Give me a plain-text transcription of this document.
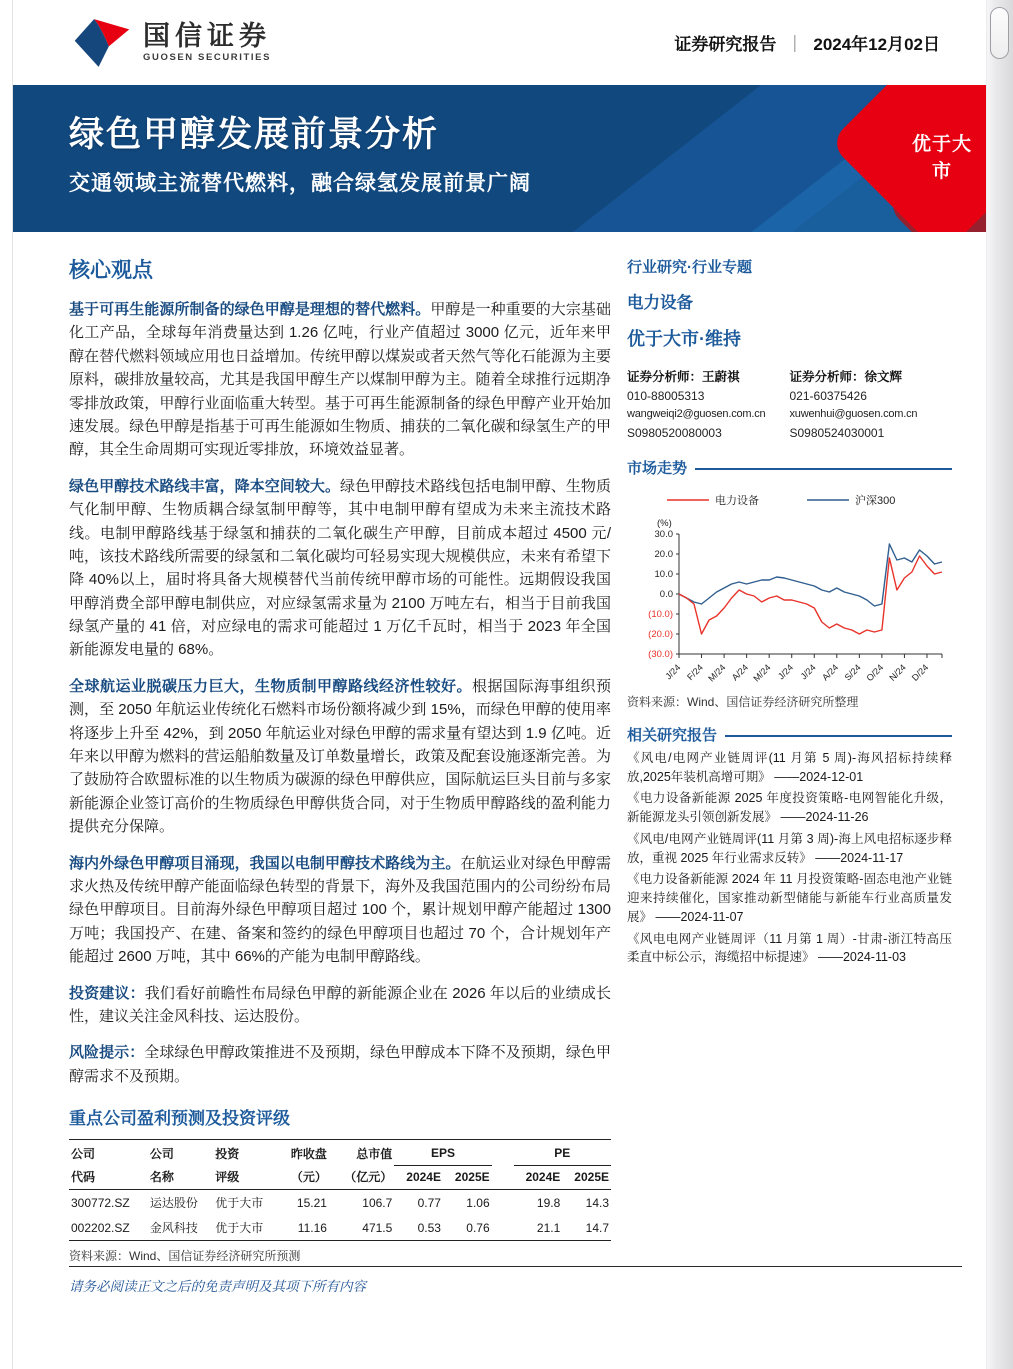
国信证券
GUOSEN SECURITIES
证券研究报告 ｜ 2024年12月02日
绿色甲醇发展前景分析
交通领域主流替代燃料，融合绿氢发展前景广阔
优于大市
核心观点

基于可再生能源所制备的绿色甲醇是理想的替代燃料。甲醇是一种重要的大宗基础化工产品，全球每年消费量达到 1.26 亿吨，行业产值超过 3000 亿元，近年来甲醇在替代燃料领域应用也日益增加。传统甲醇以煤炭或者天然气等化石能源为主要原料，碳排放量较高，尤其是我国甲醇生产以煤制甲醇为主。随着全球推行远期净零排放政策，甲醇行业面临重大转型。基于可再生能源制备的绿色甲醇产业开始加速发展。绿色甲醇是指基于可再生能源如生物质、捕获的二氧化碳和绿氢生产的甲醇，其全生命周期可实现近零排放，环境效益显著。

绿色甲醇技术路线丰富，降本空间较大。绿色甲醇技术路线包括电制甲醇、生物质气化制甲醇、生物质耦合绿氢制甲醇等，其中电制甲醇有望成为未来主流技术路线。电制甲醇路线基于绿氢和捕获的二氧化碳生产甲醇，目前成本超过 4500 元/吨，该技术路线所需要的绿氢和二氧化碳均可轻易实现大规模供应，未来有希望下降 40%以上，届时将具备大规模替代当前传统甲醇市场的可能性。远期假设我国甲醇消费全部甲醇电制供应，对应绿氢需求量为 2100 万吨左右，相当于目前我国绿氢产量的 41 倍，对应绿电的需求可能超过 1 万亿千瓦时，相当于 2023 年全国新能源发电量的 68%。

全球航运业脱碳压力巨大，生物质制甲醇路线经济性较好。根据国际海事组织预测，至 2050 年航运业传统化石燃料市场份额将减少到 15%，而绿色甲醇的使用率将逐步上升至 42%，到 2050 年航运业对绿色甲醇的需求量有望达到 1.9 亿吨。近年来以甲醇为燃料的营运船舶数量及订单数量增长，政策及配套设施逐渐完善。为了鼓励符合欧盟标准的以生物质为碳源的绿色甲醇供应，国际航运巨头目前与多家新能源企业签订高价的生物质绿色甲醇供货合同，对于生物质甲醇路线的盈利能力提供充分保障。

海内外绿色甲醇项目涌现，我国以电制甲醇技术路线为主。在航运业对绿色甲醇需求火热及传统甲醇产能面临绿色转型的背景下，海外及我国范围内的公司纷纷布局绿色甲醇项目。目前海外绿色甲醇项目超过 100 个，累计规划甲醇产能超过 1300 万吨；我国投产、在建、备案和签约的绿色甲醇项目也超过 70 个，合计规划年产能超过 2600 万吨，其中 66%的产能为电制甲醇路线。

投资建议：我们看好前瞻性布局绿色甲醇的新能源企业在 2026 年以后的业绩成长性，建议关注金风科技、运达股份。

风险提示：全球绿色甲醇政策推进不及预期，绿色甲醇成本下降不及预期，绿色甲醇需求不及预期。

重点公司盈利预测及投资评级
公司	公司	投资	昨收盘	总市值	EPS			PE	
代码	名称	评级	（元）	（亿元）	2024E	2025E		2024E	2025E
300772.SZ	运达股份	优于大市	15.21	106.7	0.77	1.06		19.8	14.3
002202.SZ	金风科技	优于大市	11.16	471.5	0.53	0.76		21.1	14.7
资料来源：Wind、国信证券经济研究所预测
行业研究·行业专题
电力设备
优于大市·维持
证券分析师：王蔚祺
010-88005313
wangweiqi2@guosen.com.cn
S0980520080003
证券分析师：徐文辉
021-60375426
xuwenhui@guosen.com.cn
S0980524030001
市场走势
电力设备	沪深300
(%)
30.0
20.0
10.0
0.0
(10.0)
(20.0)
(30.0)
J/24 F/24 M/24 A/24 M/24 J/24 J/24 A/24 S/24 O/24 N/24 D/24
资料来源：Wind、国信证券经济研究所整理
相关研究报告
《风电/电网产业链周评(11 月第 5 周)-海风招标持续释放,2025年装机高增可期》 ——2024-12-01
《电力设备新能源 2025 年度投资策略-电网智能化升级，新能源龙头引领创新发展》 ——2024-11-26
《风电/电网产业链周评(11 月第 3 周)-海上风电招标逐步释放，重视 2025 年行业需求反转》 ——2024-11-17
《电力设备新能源 2024 年 11 月投资策略-固态电池产业链迎来持续催化，国家推动新型储能与新能车行业高质量发展》 ——2024-11-07
《风电电网产业链周评（11 月第 1 周）-甘肃-浙江特高压柔直中标公示，海缆招中标提速》 ——2024-11-03
请务必阅读正文之后的免责声明及其项下所有内容
